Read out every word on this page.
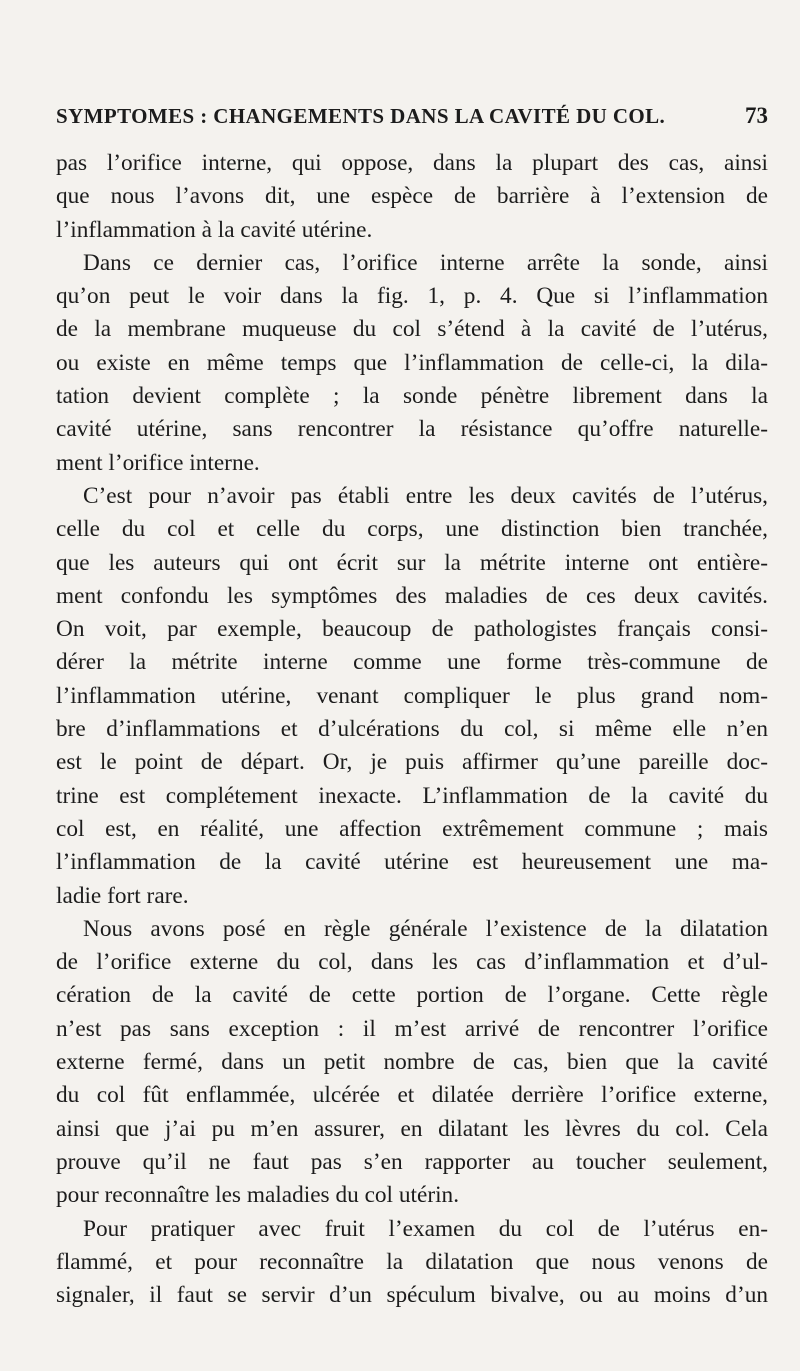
SYMPTOMES : CHANGEMENTS DANS LA CAVITÉ DU COL.	73
pas l’orifice interne, qui oppose, dans la plupart des cas, ainsi
que nous l’avons dit, une espèce de barrière à l’extension de
l’inflammation à la cavité utérine.
Dans ce dernier cas, l’orifice interne arrête la sonde, ainsi
qu’on peut le voir dans la fig. 1, p. 4. Que si l’inflammation
de la membrane muqueuse du col s’étend à la cavité de l’utérus,
ou existe en même temps que l’inflammation de celle-ci, la dila-
tation devient complète ; la sonde pénètre librement dans la
cavité utérine, sans rencontrer la résistance qu’offre naturelle-
ment l’orifice interne.
C’est pour n’avoir pas établi entre les deux cavités de l’utérus,
celle du col et celle du corps, une distinction bien tranchée,
que les auteurs qui ont écrit sur la métrite interne ont entière-
ment confondu les symptômes des maladies de ces deux cavités.
On voit, par exemple, beaucoup de pathologistes français consi-
dérer la métrite interne comme une forme très-commune de
l’inflammation utérine, venant compliquer le plus grand nom-
bre d’inflammations et d’ulcérations du col, si même elle n’en
est le point de départ. Or, je puis affirmer qu’une pareille doc-
trine est complétement inexacte. L’inflammation de la cavité du
col est, en réalité, une affection extrêmement commune ; mais
l’inflammation de la cavité utérine est heureusement une ma-
ladie fort rare.
Nous avons posé en règle générale l’existence de la dilatation
de l’orifice externe du col, dans les cas d’inflammation et d’ul-
cération de la cavité de cette portion de l’organe. Cette règle
n’est pas sans exception : il m’est arrivé de rencontrer l’orifice
externe fermé, dans un petit nombre de cas, bien que la cavité
du col fût enflammée, ulcérée et dilatée derrière l’orifice externe,
ainsi que j’ai pu m’en assurer, en dilatant les lèvres du col. Cela
prouve qu’il ne faut pas s’en rapporter au toucher seulement,
pour reconnaître les maladies du col utérin.
Pour pratiquer avec fruit l’examen du col de l’utérus en-
flammé, et pour reconnaître la dilatation que nous venons de
signaler, il faut se servir d’un spéculum bivalve, ou au moins d’un
